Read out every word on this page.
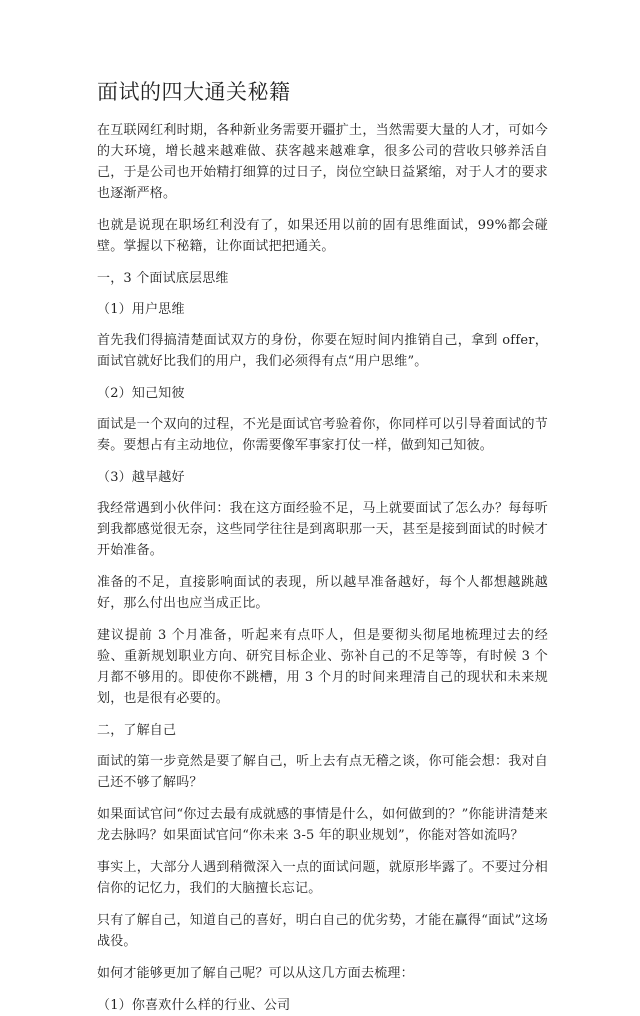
面试的四大通关秘籍
在互联网红利时期，各种新业务需要开疆扩土，当然需要大量的人才，可如今的大环境，增长越来越难做、获客越来越难拿，很多公司的营收只够养活自己，于是公司也开始精打细算的过日子，岗位空缺日益紧缩，对于人才的要求也逐渐严格。
也就是说现在职场红利没有了，如果还用以前的固有思维面试，99%都会碰壁。掌握以下秘籍，让你面试把把通关。
一，3 个面试底层思维
（1）用户思维
首先我们得搞清楚面试双方的身份，你要在短时间内推销自己，拿到 offer，面试官就好比我们的用户，我们必须得有点“用户思维”。
（2）知己知彼
面试是一个双向的过程，不光是面试官考验着你，你同样可以引导着面试的节奏。要想占有主动地位，你需要像军事家打仗一样，做到知己知彼。
（3）越早越好
我经常遇到小伙伴问：我在这方面经验不足，马上就要面试了怎么办？每每听到我都感觉很无奈，这些同学往往是到离职那一天，甚至是接到面试的时候才开始准备。
准备的不足，直接影响面试的表现，所以越早准备越好，每个人都想越跳越好，那么付出也应当成正比。
建议提前 3 个月准备，听起来有点吓人，但是要彻头彻尾地梳理过去的经验、重新规划职业方向、研究目标企业、弥补自己的不足等等，有时候 3 个月都不够用的。即使你不跳槽，用 3 个月的时间来理清自己的现状和未来规划，也是很有必要的。
二，了解自己
面试的第一步竟然是要了解自己，听上去有点无稽之谈，你可能会想：我对自己还不够了解吗？
如果面试官问“你过去最有成就感的事情是什么，如何做到的？”你能讲清楚来龙去脉吗？如果面试官问“你未来 3-5 年的职业规划”，你能对答如流吗？
事实上，大部分人遇到稍微深入一点的面试问题，就原形毕露了。不要过分相信你的记忆力，我们的大脑擅长忘记。
只有了解自己，知道自己的喜好，明白自己的优劣势，才能在赢得“面试”这场战役。
如何才能够更加了解自己呢？可以从这几方面去梳理：
（1）你喜欢什么样的行业、公司
